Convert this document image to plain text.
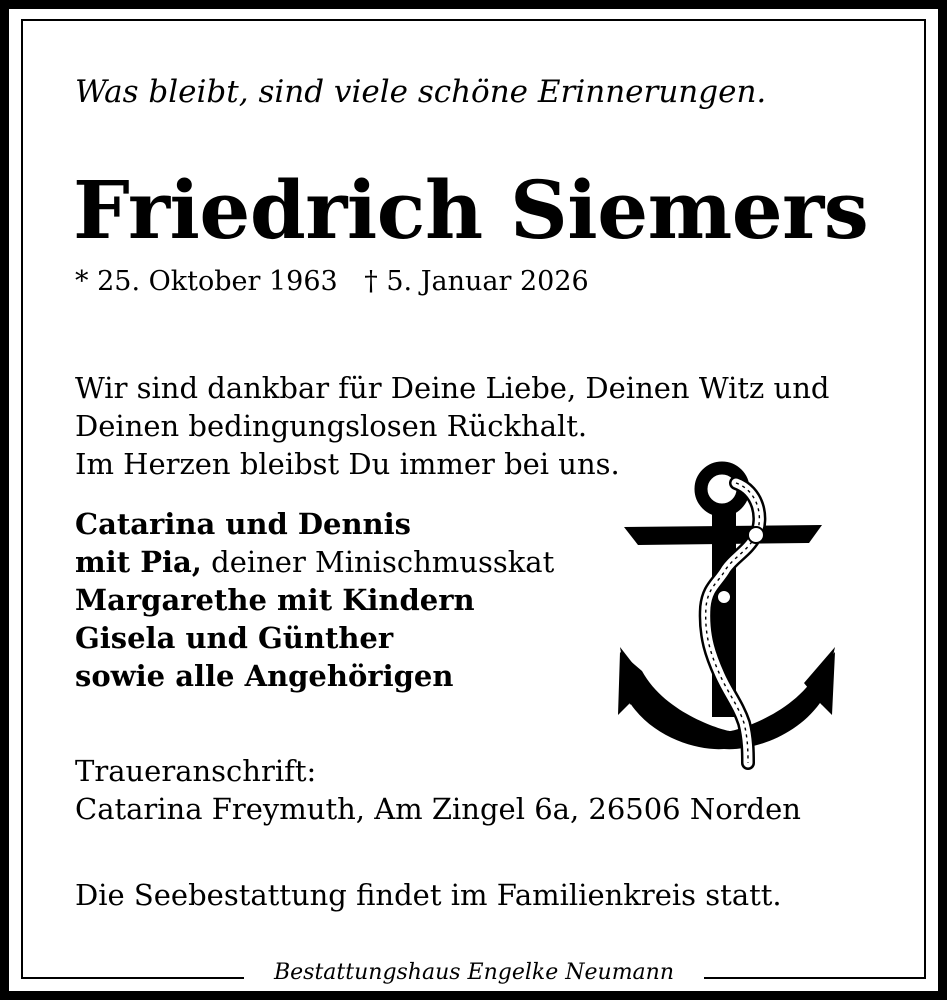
Was bleibt, sind viele schöne Erinnerungen.
Friedrich Siemers
* 25. Oktober 1963 † 5. Januar 2026
Wir sind dankbar für Deine Liebe, Deinen Witz und
Deinen bedingungslosen Rückhalt.
Im Herzen bleibst Du immer bei uns.
Catarina und Dennis
mit Pia, deiner Minischmusskat
Margarethe mit Kindern
Gisela und Günther
sowie alle Angehörigen
Traueranschrift:
Catarina Freymuth, Am Zingel 6a, 26506 Norden
Die Seebestattung findet im Familienkreis statt.
Bestattungshaus Engelke Neumann
